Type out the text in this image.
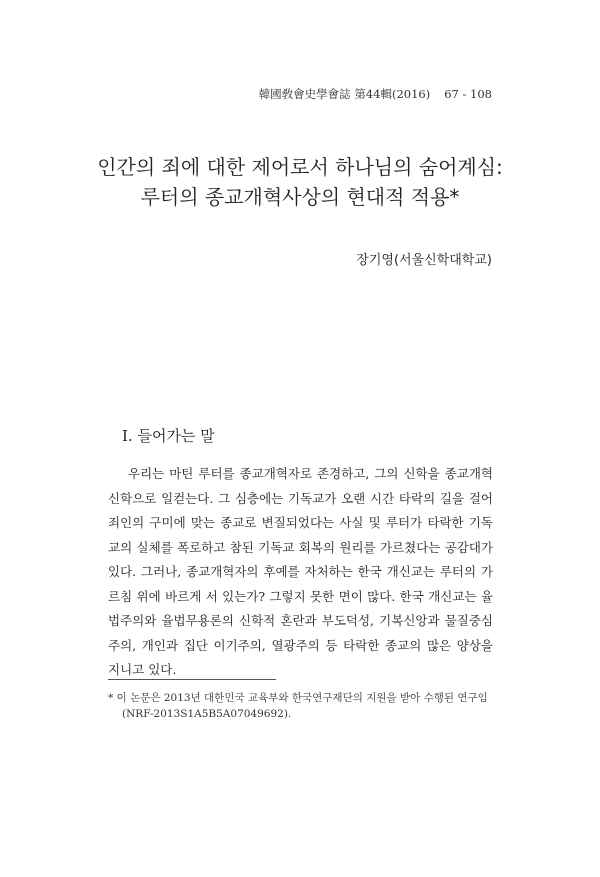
韓國敎會史學會誌 第44輯(2016) 67 - 108
인간의 죄에 대한 제어로서 하나님의 숨어계심:
루터의 종교개혁사상의 현대적 적용*
장기영(서울신학대학교)
Ⅰ. 들어가는 말

우리는 마틴 루터를 종교개혁자로 존경하고, 그의 신학을 종교개혁신학으로 일컫는다. 그 심층에는 기독교가 오랜 시간 타락의 길을 걸어 죄인의 구미에 맞는 종교로 변질되었다는 사실 및 루터가 타락한 기독교의 실체를 폭로하고 참된 기독교 회복의 원리를 가르쳤다는 공감대가 있다. 그러나, 종교개혁자의 후예를 자처하는 한국 개신교는 루터의 가르침 위에 바르게 서 있는가? 그렇지 못한 면이 많다. 한국 개신교는 율법주의와 율법무용론의 신학적 혼란과 부도덕성, 기복신앙과 물질중심주의, 개인과 집단 이기주의, 열광주의 등 타락한 종교의 많은 양상을 지니고 있다.

* 이 논문은 2013년 대한민국 교육부와 한국연구재단의 지원을 받아 수행된 연구임
(NRF-2013S1A5B5A07049692).
